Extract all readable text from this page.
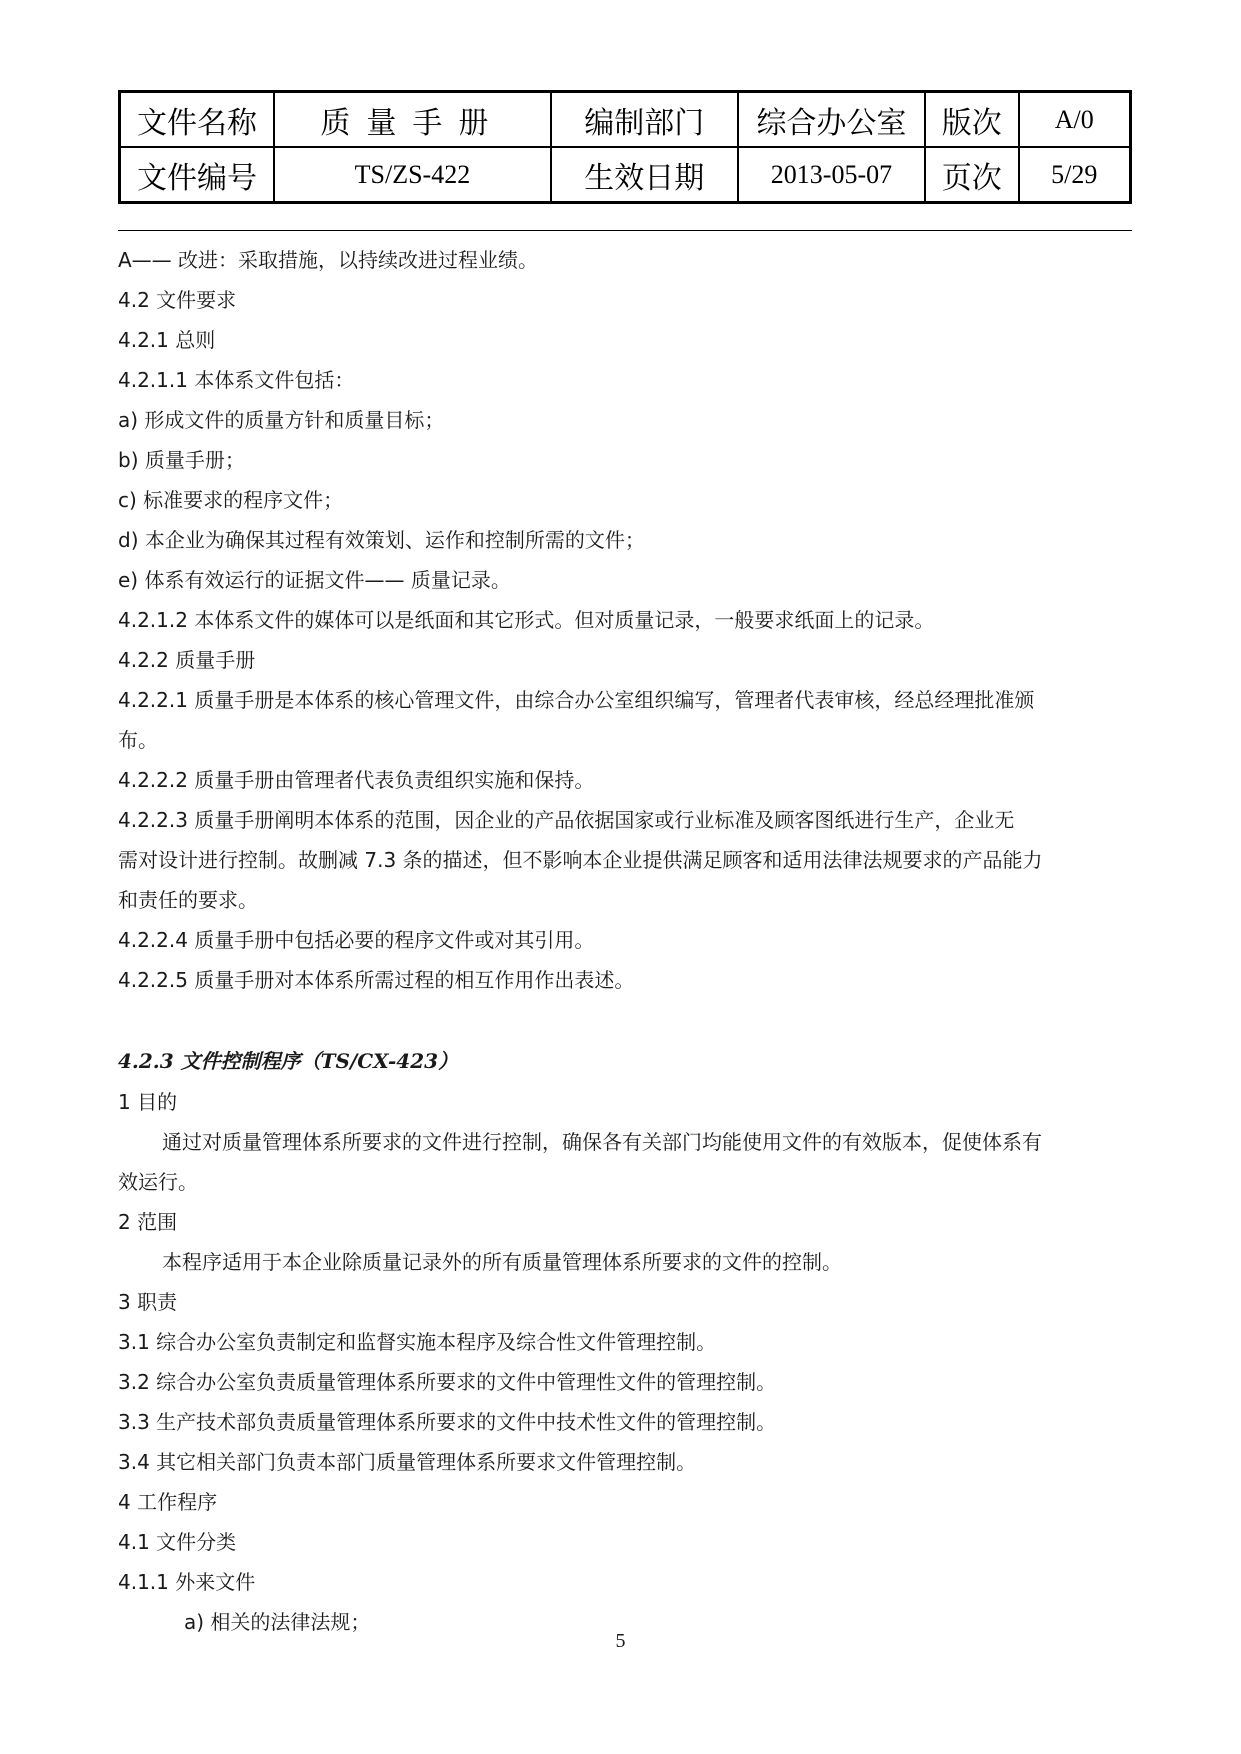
文件名称	质量手册	编制部门	综合办公室	版次	A/0
文件编号	TS/ZS-422	生效日期	2013-05-07	页次	5/29
A—— 改进：采取措施，以持续改进过程业绩。
4.2 文件要求
4.2.1 总则
4.2.1.1 本体系文件包括：
a) 形成文件的质量方针和质量目标；
b) 质量手册；
c) 标准要求的程序文件；
d) 本企业为确保其过程有效策划、运作和控制所需的文件；
e) 体系有效运行的证据文件—— 质量记录。
4.2.1.2 本体系文件的媒体可以是纸面和其它形式。但对质量记录，一般要求纸面上的记录。
4.2.2 质量手册
4.2.2.1 质量手册是本体系的核心管理文件，由综合办公室组织编写，管理者代表审核，经总经理批准颁
布。
4.2.2.2 质量手册由管理者代表负责组织实施和保持。
4.2.2.3 质量手册阐明本体系的范围，因企业的产品依据国家或行业标准及顾客图纸进行生产，企业无
需对设计进行控制。故删减 7.3 条的描述，但不影响本企业提供满足顾客和适用法律法规要求的产品能力
和责任的要求。
4.2.2.4 质量手册中包括必要的程序文件或对其引用。
4.2.2.5 质量手册对本体系所需过程的相互作用作出表述。
4.2.3 文件控制程序（TS/CX-423）
1 目的
通过对质量管理体系所要求的文件进行控制，确保各有关部门均能使用文件的有效版本，促使体系有
效运行。
2 范围
本程序适用于本企业除质量记录外的所有质量管理体系所要求的文件的控制。
3 职责
3.1 综合办公室负责制定和监督实施本程序及综合性文件管理控制。
3.2 综合办公室负责质量管理体系所要求的文件中管理性文件的管理控制。
3.3 生产技术部负责质量管理体系所要求的文件中技术性文件的管理控制。
3.4 其它相关部门负责本部门质量管理体系所要求文件管理控制。
4 工作程序
4.1 文件分类
4.1.1 外来文件
a) 相关的法律法规；
5
